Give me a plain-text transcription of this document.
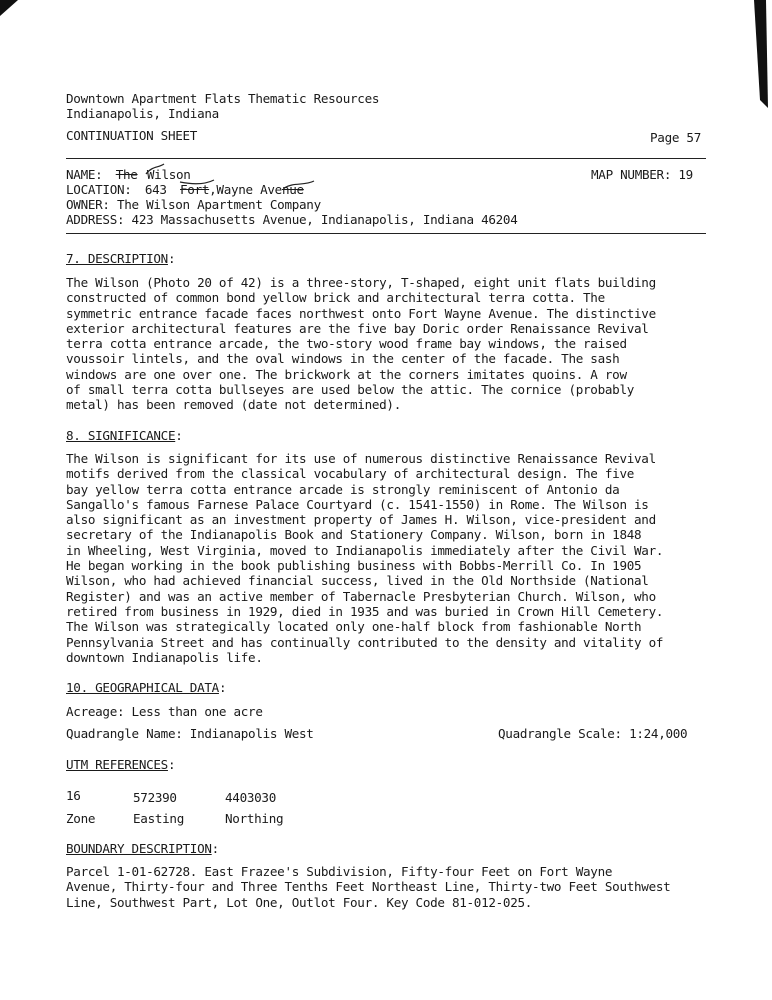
Downtown Apartment Flats Thematic Resources
Indianapolis, Indiana
CONTINUATION SHEET	Page 57
NAME: The Wilson	MAP NUMBER: 19
LOCATION: 643 Fort,Wayne Avenue
OWNER: The Wilson Apartment Company
ADDRESS: 423 Massachusetts Avenue, Indianapolis, Indiana 46204
7. DESCRIPTION:
The Wilson (Photo 20 of 42) is a three-story, T-shaped, eight unit flats building
constructed of common bond yellow brick and architectural terra cotta. The
symmetric entrance facade faces northwest onto Fort Wayne Avenue. The distinctive
exterior architectural features are the five bay Doric order Renaissance Revival
terra cotta entrance arcade, the two-story wood frame bay windows, the raised
voussoir lintels, and the oval windows in the center of the facade. The sash
windows are one over one. The brickwork at the corners imitates quoins. A row
of small terra cotta bullseyes are used below the attic. The cornice (probably
metal) has been removed (date not determined).
8. SIGNIFICANCE:
The Wilson is significant for its use of numerous distinctive Renaissance Revival
motifs derived from the classical vocabulary of architectural design. The five
bay yellow terra cotta entrance arcade is strongly reminiscent of Antonio da
Sangallo's famous Farnese Palace Courtyard (c. 1541-1550) in Rome. The Wilson is
also significant as an investment property of James H. Wilson, vice-president and
secretary of the Indianapolis Book and Stationery Company. Wilson, born in 1848
in Wheeling, West Virginia, moved to Indianapolis immediately after the Civil War.
He began working in the book publishing business with Bobbs-Merrill Co. In 1905
Wilson, who had achieved financial success, lived in the Old Northside (National
Register) and was an active member of Tabernacle Presbyterian Church. Wilson, who
retired from business in 1929, died in 1935 and was buried in Crown Hill Cemetery.
The Wilson was strategically located only one-half block from fashionable North
Pennsylvania Street and has continually contributed to the density and vitality of
downtown Indianapolis life.
10. GEOGRAPHICAL DATA:
Acreage: Less than one acre
Quadrangle Name: Indianapolis West	Quadrangle Scale: 1:24,000
UTM REFERENCES:
16	572390	4403030
Zone	Easting	Northing
BOUNDARY DESCRIPTION:
Parcel 1-01-62728. East Frazee's Subdivision, Fifty-four Feet on Fort Wayne
Avenue, Thirty-four and Three Tenths Feet Northeast Line, Thirty-two Feet Southwest
Line, Southwest Part, Lot One, Outlot Four. Key Code 81-012-025.
